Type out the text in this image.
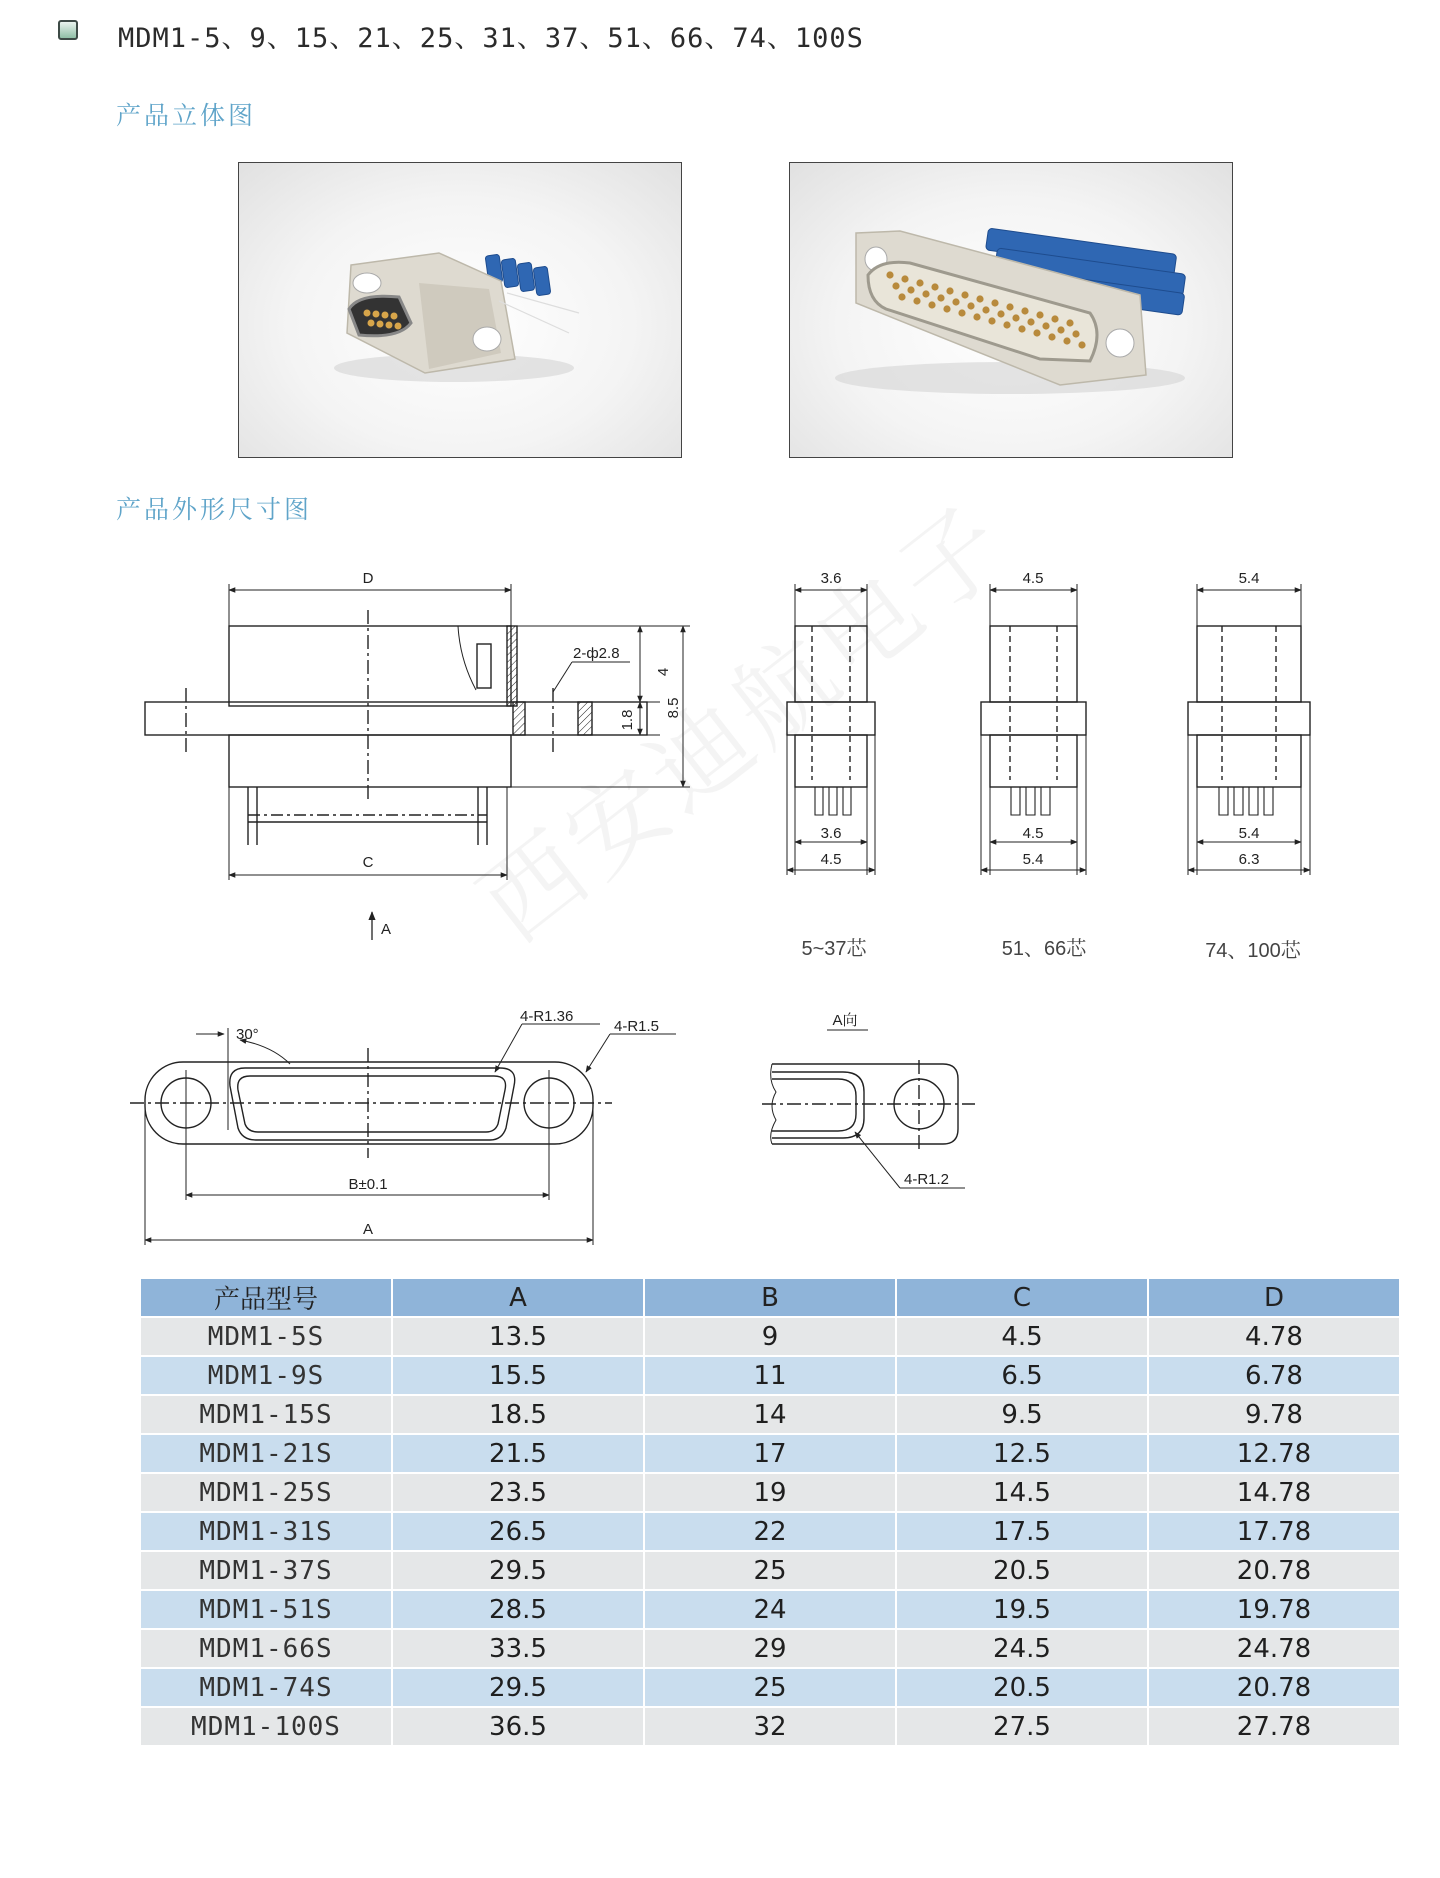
MDM1-5、9、15、21、25、31、37、51、66、74、100S
产品立体图
产品外形尺寸图
D
C
2-ф2.8
4
1.8
8.5
A
3.6
3.6
4.5
5~37芯
4.5
4.5
5.4
51、66芯
5.4
5.4
6.3
74、100芯
30°
4-R1.36
4-R1.5
B±0.1
A
A向
4-R1.2
产品型号	A	B	C	D
MDM1-5S	13.5	9	4.5	4.78
MDM1-9S	15.5	11	6.5	6.78
MDM1-15S	18.5	14	9.5	9.78
MDM1-21S	21.5	17	12.5	12.78
MDM1-25S	23.5	19	14.5	14.78
MDM1-31S	26.5	22	17.5	17.78
MDM1-37S	29.5	25	20.5	20.78
MDM1-51S	28.5	24	19.5	19.78
MDM1-66S	33.5	29	24.5	24.78
MDM1-74S	29.5	25	20.5	20.78
MDM1-100S	36.5	32	27.5	27.78
